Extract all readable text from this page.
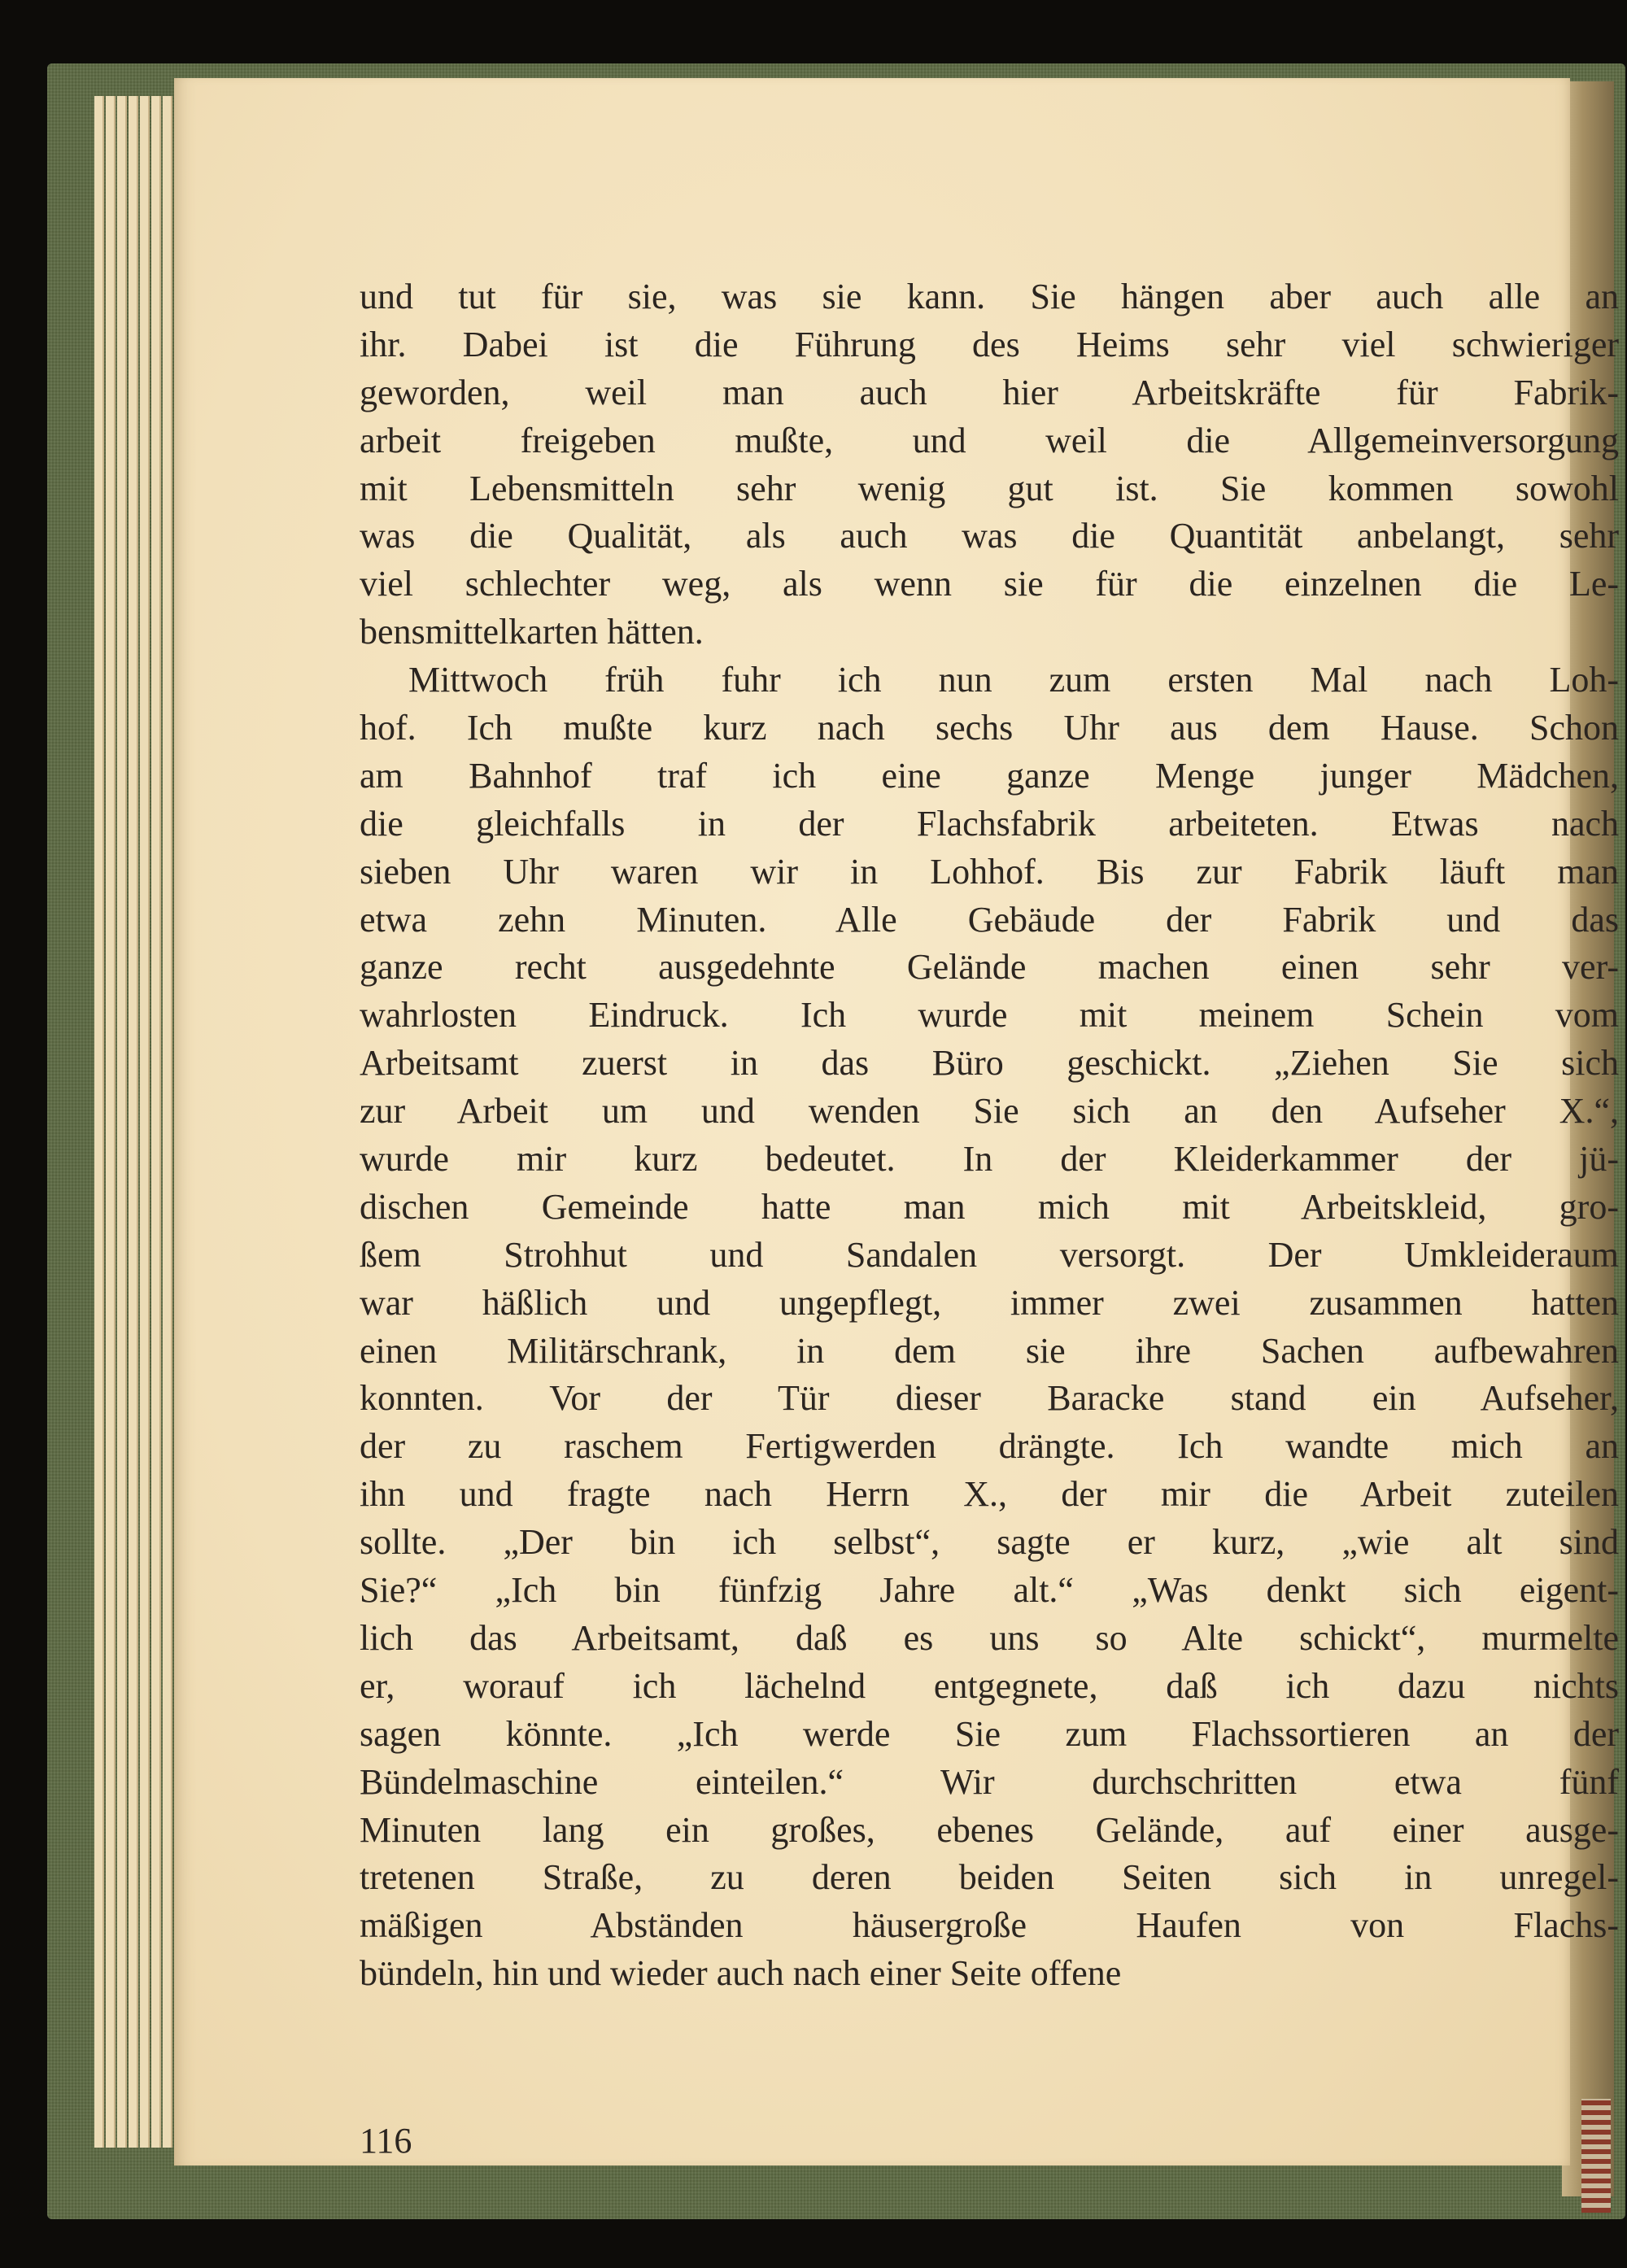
und tut für sie, was sie kann. Sie hängen aber auch alle an
ihr. Dabei ist die Führung des Heims sehr viel schwieriger
geworden, weil man auch hier Arbeitskräfte für Fabrik-
arbeit freigeben mußte, und weil die Allgemeinversorgung
mit Lebensmitteln sehr wenig gut ist. Sie kommen sowohl
was die Qualität, als auch was die Quantität anbelangt, sehr
viel schlechter weg, als wenn sie für die einzelnen die Le-
bensmittelkarten hätten.
Mittwoch früh fuhr ich nun zum ersten Mal nach Loh-
hof. Ich mußte kurz nach sechs Uhr aus dem Hause. Schon
am Bahnhof traf ich eine ganze Menge junger Mädchen,
die gleichfalls in der Flachsfabrik arbeiteten. Etwas nach
sieben Uhr waren wir in Lohhof. Bis zur Fabrik läuft man
etwa zehn Minuten. Alle Gebäude der Fabrik und das
ganze recht ausgedehnte Gelände machen einen sehr ver-
wahrlosten Eindruck. Ich wurde mit meinem Schein vom
Arbeitsamt zuerst in das Büro geschickt. „Ziehen Sie sich
zur Arbeit um und wenden Sie sich an den Aufseher X.“,
wurde mir kurz bedeutet. In der Kleiderkammer der jü-
dischen Gemeinde hatte man mich mit Arbeitskleid, gro-
ßem Strohhut und Sandalen versorgt. Der Umkleideraum
war häßlich und ungepflegt, immer zwei zusammen hatten
einen Militärschrank, in dem sie ihre Sachen aufbewahren
konnten. Vor der Tür dieser Baracke stand ein Aufseher,
der zu raschem Fertigwerden drängte. Ich wandte mich an
ihn und fragte nach Herrn X., der mir die Arbeit zuteilen
sollte. „Der bin ich selbst“, sagte er kurz, „wie alt sind
Sie?“ „Ich bin fünfzig Jahre alt.“ „Was denkt sich eigent-
lich das Arbeitsamt, daß es uns so Alte schickt“, murmelte
er, worauf ich lächelnd entgegnete, daß ich dazu nichts
sagen könnte. „Ich werde Sie zum Flachssortieren an der
Bündelmaschine einteilen.“ Wir durchschritten etwa fünf
Minuten lang ein großes, ebenes Gelände, auf einer ausge-
tretenen Straße, zu deren beiden Seiten sich in unregel-
mäßigen Abständen häusergroße Haufen von Flachs-
bündeln, hin und wieder auch nach einer Seite offene
116
